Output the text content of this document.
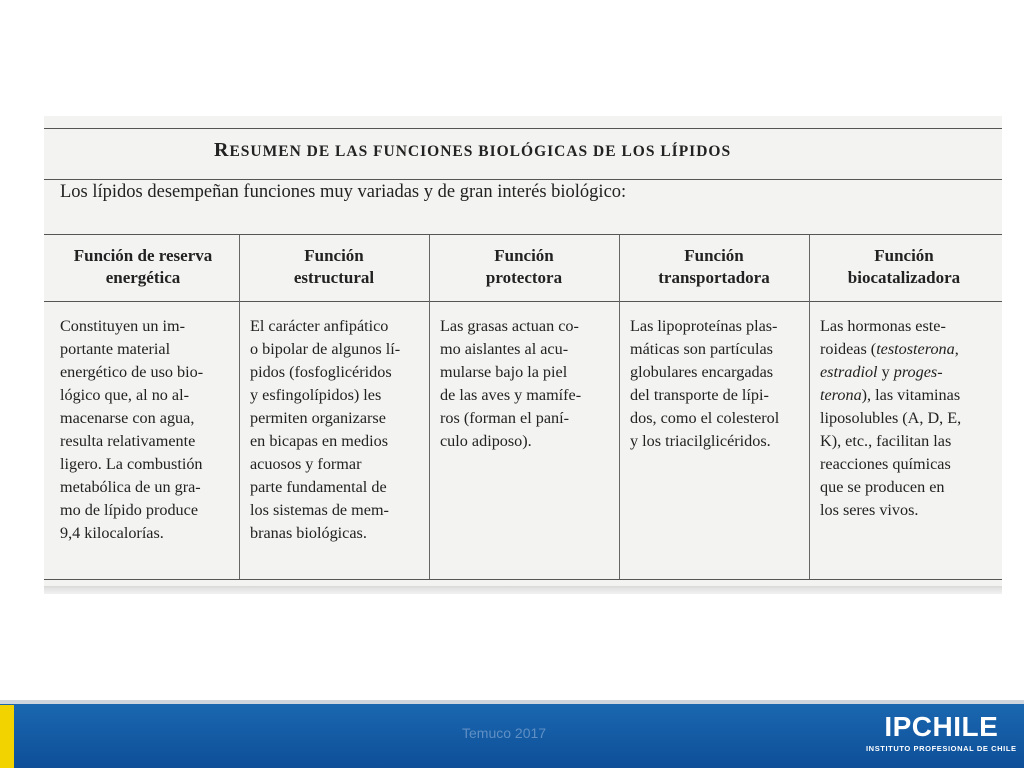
RESUMEN DE LAS FUNCIONES BIOLÓGICAS DE LOS LÍPIDOS
Los lípidos desempeñan funciones muy variadas y de gran interés biológico:
Función de reserva
energética
Función
estructural
Función
protectora
Función
transportadora
Función
biocatalizadora
Constituyen un im-
portante material
energético de uso bio-
lógico que, al no al-
macenarse con agua,
resulta relativamente
ligero. La combustión
metabólica de un gra-
mo de lípido produce
9,4 kilocalorías.
El carácter anfipático
o bipolar de algunos lí-
pidos (fosfoglicéridos
y esfingolípidos) les
permiten organizarse
en bicapas en medios
acuosos y formar
parte fundamental de
los sistemas de mem-
branas biológicas.
Las grasas actuan co-
mo aislantes al acu-
mularse bajo la piel
de las aves y mamífe-
ros (forman el paní-
culo adiposo).
Las lipoproteínas plas-
máticas son partículas
globulares encargadas
del transporte de lípi-
dos, como el colesterol
y los triacilglicéridos.
Las hormonas este-
roideas (testosterona,
estradiol y proges-
terona), las vitaminas
liposolubles (A, D, E,
K), etc., facilitan las
reacciones químicas
que se producen en
los seres vivos.
Temuco 2017	IPCHILE
INSTITUTO PROFESIONAL DE CHILE
